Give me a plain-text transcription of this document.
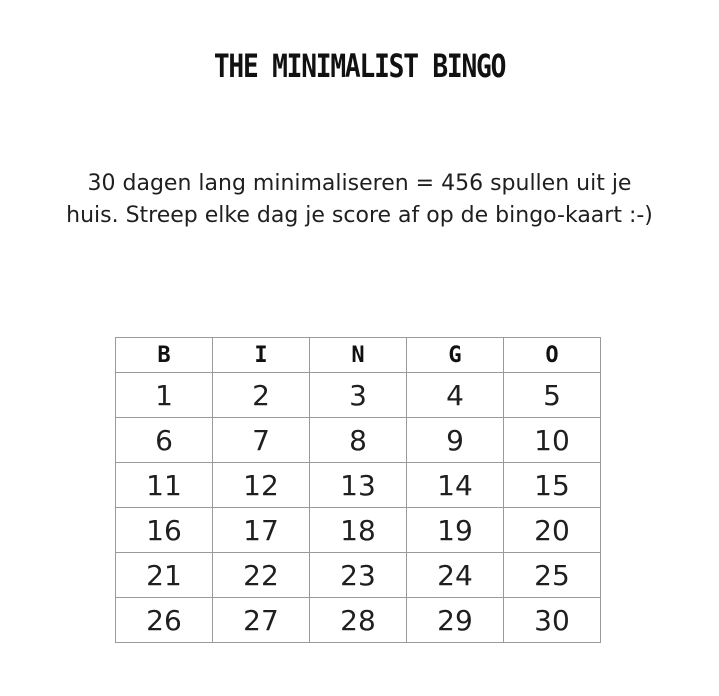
THE MINIMALIST BINGO
30 dagen lang minimaliseren = 456 spullen uit je huis. Streep elke dag je score af op de bingo-kaart :-)
B	I	N	G	O
1	2	3	4	5
6	7	8	9	10
11	12	13	14	15
16	17	18	19	20
21	22	23	24	25
26	27	28	29	30
